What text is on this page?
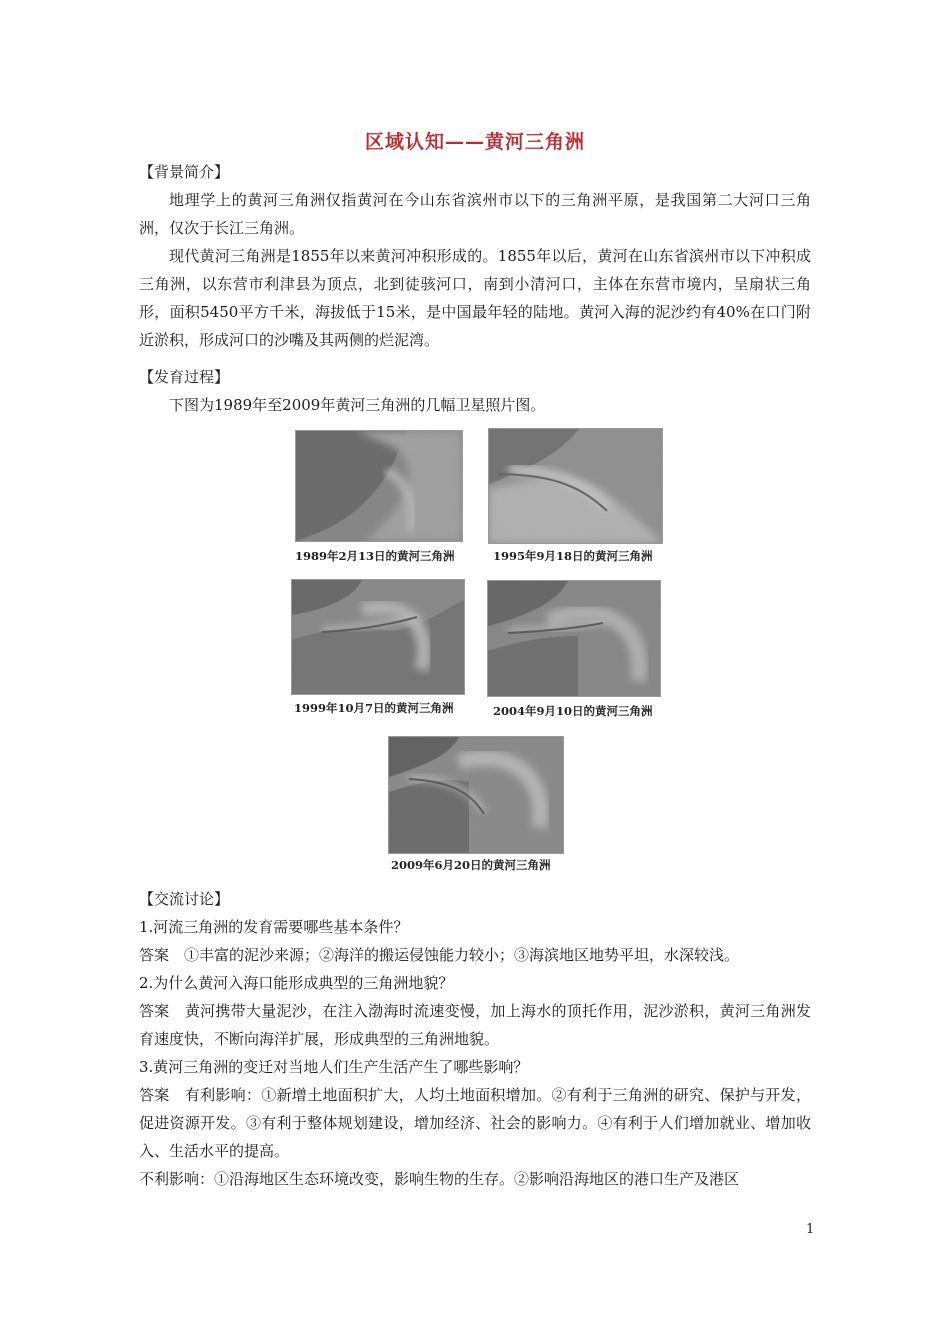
区域认知——黄河三角洲
【背景简介】

地理学上的黄河三角洲仅指黄河在今山东省滨州市以下的三角洲平原，是我国第二大河口三角洲，仅次于长江三角洲。

现代黄河三角洲是1855年以来黄河冲积形成的。1855年以后，黄河在山东省滨州市以下冲积成三角洲，以东营市利津县为顶点，北到徒骇河口，南到小清河口，主体在东营市境内，呈扇状三角形，面积5450平方千米，海拔低于15米，是中国最年轻的陆地。黄河入海的泥沙约有40%在口门附近淤积，形成河口的沙嘴及其两侧的烂泥湾。

【发育过程】

下图为1989年至2009年黄河三角洲的几幅卫星照片图。

1989年2月13日的黄河三角洲	1995年9月18日的黄河三角洲
1999年10月7日的黄河三角洲	2004年9月10日的黄河三角洲
2009年6月20日的黄河三角洲
【交流讨论】

1.河流三角洲的发育需要哪些基本条件？

答案　①丰富的泥沙来源；②海洋的搬运侵蚀能力较小；③海滨地区地势平坦，水深较浅。

2.为什么黄河入海口能形成典型的三角洲地貌？

答案　黄河携带大量泥沙，在注入渤海时流速变慢，加上海水的顶托作用，泥沙淤积，黄河三角洲发育速度快，不断向海洋扩展，形成典型的三角洲地貌。

3.黄河三角洲的变迁对当地人们生产生活产生了哪些影响？

答案　有利影响：①新增土地面积扩大，人均土地面积增加。②有利于三角洲的研究、保护与开发，促进资源开发。③有利于整体规划建设，增加经济、社会的影响力。④有利于人们增加就业、增加收入、生活水平的提高。

不利影响：①沿海地区生态环境改变，影响生物的生存。②影响沿海地区的港口生产及港区

1
